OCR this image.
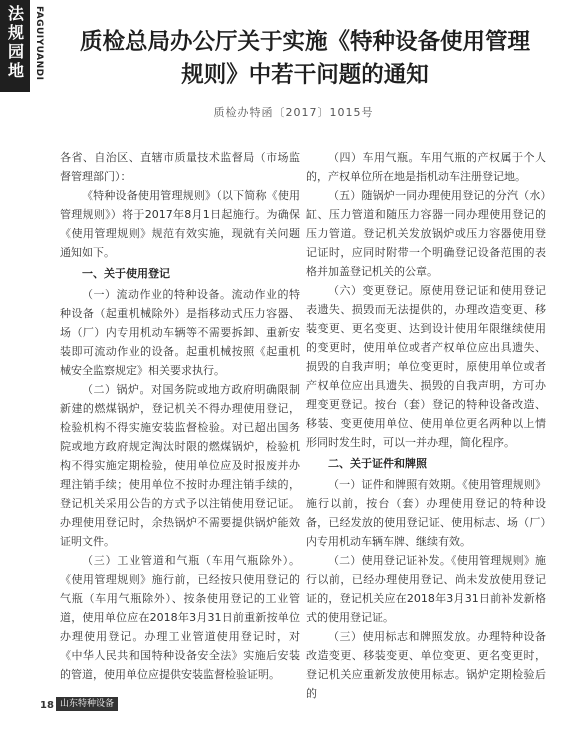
法规园地 FAGUIYUANDI	质检总局办公厅关于实施《特种设备使用管理规则》中若干问题的通知
质检办特函〔2017〕1015号

各省、自治区、直辖市质量技术监督局（市场监督管理部门）：

《特种设备使用管理规则》（以下简称《使用管理规则》）将于2017年8月1日起施行。为确保《使用管理规则》规范有效实施，现就有关问题通知如下。

一、关于使用登记

（一）流动作业的特种设备。流动作业的特种设备（起重机械除外）是指移动式压力容器、场（厂）内专用机动车辆等不需要拆卸、重新安装即可流动作业的设备。起重机械按照《起重机械安全监察规定》相关要求执行。

（二）锅炉。对国务院或地方政府明确限制新建的燃煤锅炉，登记机关不得办理使用登记，检验机构不得实施安装监督检验。对已超出国务院或地方政府规定淘汰时限的燃煤锅炉，检验机构不得实施定期检验，使用单位应及时报废并办理注销手续；使用单位不按时办理注销手续的，登记机关采用公告的方式予以注销使用登记证。办理使用登记时，余热锅炉不需要提供锅炉能效证明文件。

（三）工业管道和气瓶（车用气瓶除外）。《使用管理规则》施行前，已经按只使用登记的气瓶（车用气瓶除外）、按条使用登记的工业管道，使用单位应在2018年3月31日前重新按单位办理使用登记。办理工业管道使用登记时，对《中华人民共和国特种设备安全法》实施后安装的管道，使用单位应提供安装监督检验证明。

（四）车用气瓶。车用气瓶的产权属于个人的，产权单位所在地是指机动车注册登记地。

（五）随锅炉一同办理使用登记的分汽（水）缸、压力管道和随压力容器一同办理使用登记的压力管道。登记机关发放锅炉或压力容器使用登记证时，应同时附带一个明确登记设备范围的表格并加盖登记机关的公章。

（六）变更登记。原使用登记证和使用登记表遗失、损毁而无法提供的，办理改造变更、移装变更、更名变更、达到设计使用年限继续使用的变更时，使用单位或者产权单位应出具遗失、损毁的自我声明；单位变更时，原使用单位或者产权单位应出具遗失、损毁的自我声明，方可办理变更登记。按台（套）登记的特种设备改造、移装、变更使用单位、使用单位更名两种以上情形同时发生时，可以一并办理，简化程序。

二、关于证件和牌照

（一）证件和牌照有效期。《使用管理规则》施行以前，按台（套）办理使用登记的特种设备，已经发放的使用登记证、使用标志、场（厂）内专用机动车辆车牌、继续有效。

（二）使用登记证补发。《使用管理规则》施行以前，已经办理使用登记、尚未发放使用登记证的，登记机关应在2018年3月31日前补发新格式的使用登记证。

（三）使用标志和牌照发放。办理特种设备改造变更、移装变更、单位变更、更名变更时，登记机关应重新发放使用标志。锅炉定期检验后的

18 山东特种设备
